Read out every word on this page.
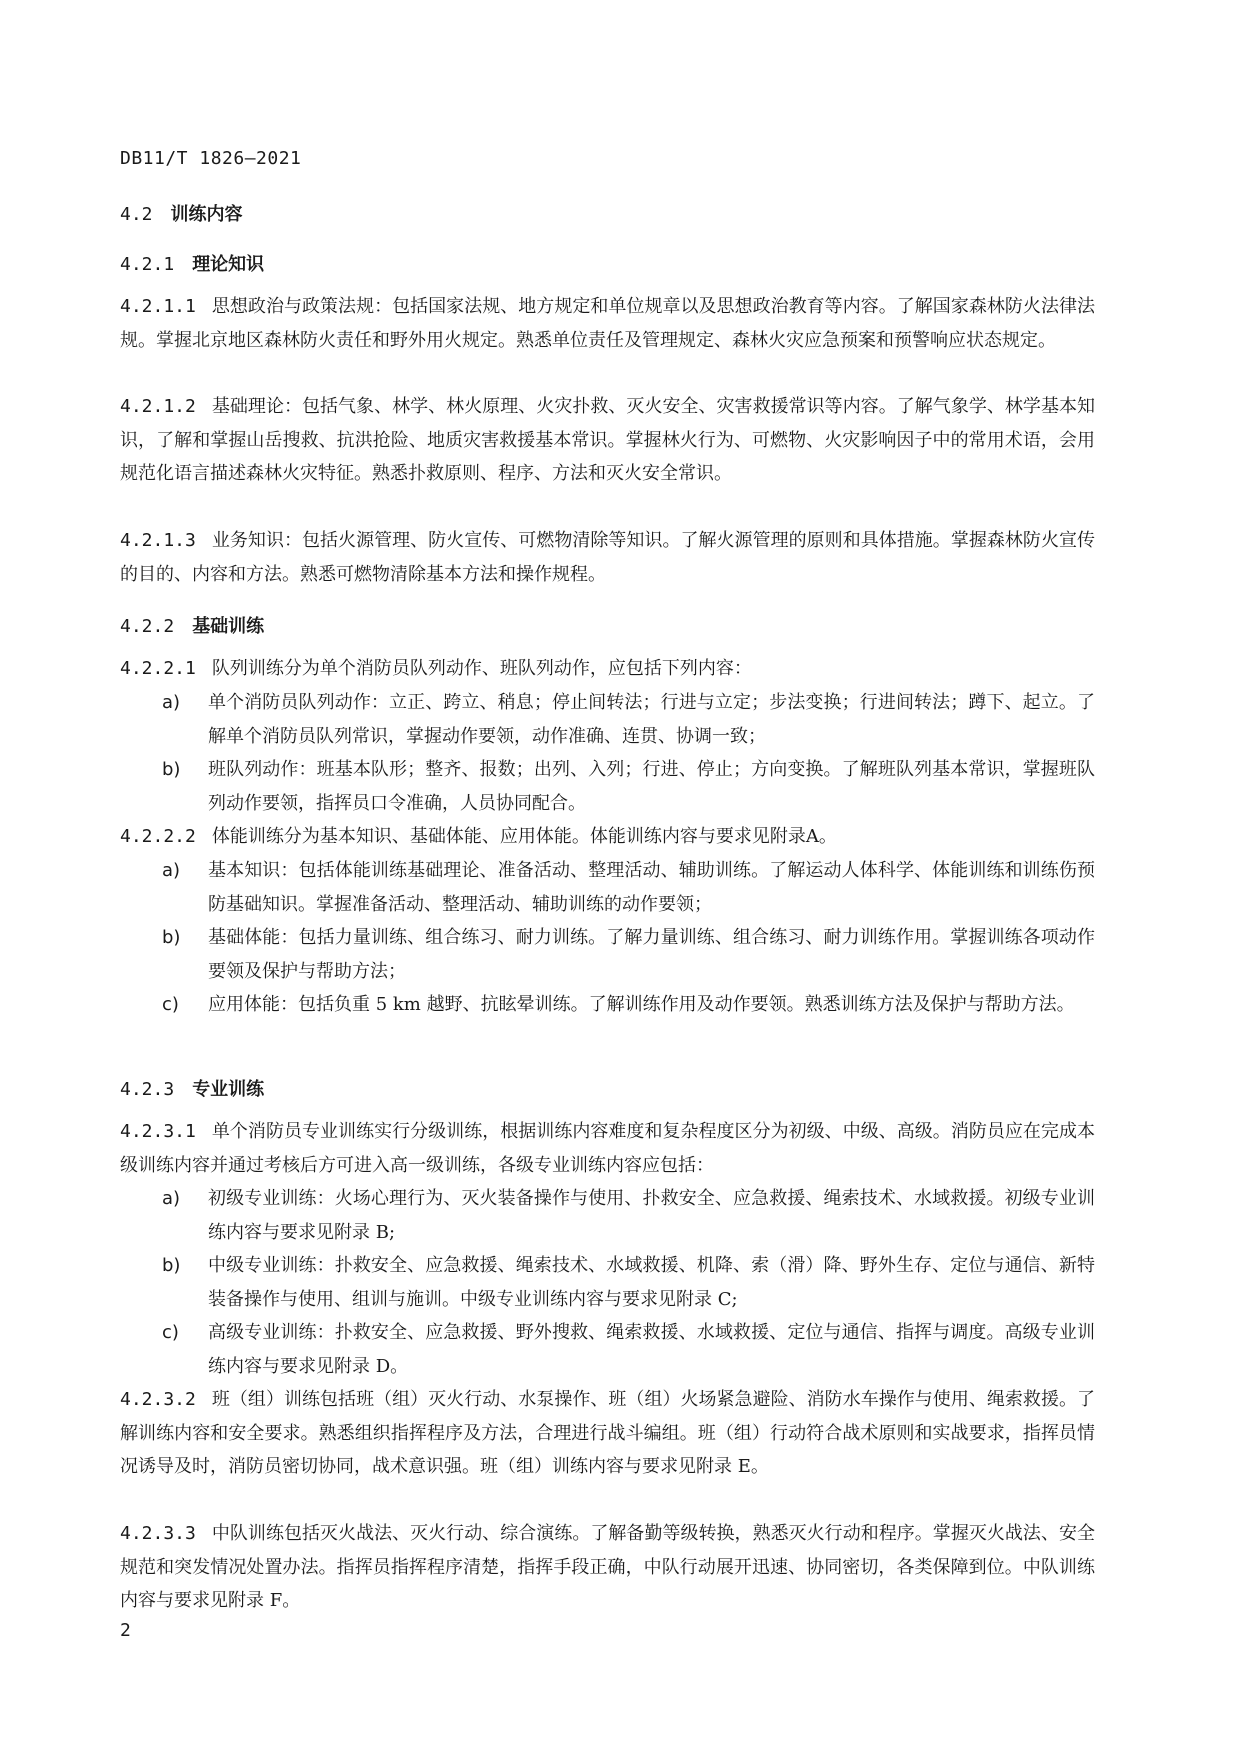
DB11/T 1826—2021
4.2 训练内容
4.2.1 理论知识
4.2.1.1 思想政治与政策法规：包括国家法规、地方规定和单位规章以及思想政治教育等内容。了解国家森林防火法律法规。掌握北京地区森林防火责任和野外用火规定。熟悉单位责任及管理规定、森林火灾应急预案和预警响应状态规定。
4.2.1.2 基础理论：包括气象、林学、林火原理、火灾扑救、灭火安全、灾害救援常识等内容。了解气象学、林学基本知识，了解和掌握山岳搜救、抗洪抢险、地质灾害救援基本常识。掌握林火行为、可燃物、火灾影响因子中的常用术语，会用规范化语言描述森林火灾特征。熟悉扑救原则、程序、方法和灭火安全常识。
4.2.1.3 业务知识：包括火源管理、防火宣传、可燃物清除等知识。了解火源管理的原则和具体措施。掌握森林防火宣传的目的、内容和方法。熟悉可燃物清除基本方法和操作规程。
4.2.2 基础训练
4.2.2.1 队列训练分为单个消防员队列动作、班队列动作，应包括下列内容：
a)	单个消防员队列动作：立正、跨立、稍息；停止间转法；行进与立定；步法变换；行进间转法；蹲下、起立。了解单个消防员队列常识，掌握动作要领，动作准确、连贯、协调一致；
b)	班队列动作：班基本队形；整齐、报数；出列、入列；行进、停止；方向变换。了解班队列基本常识，掌握班队列动作要领，指挥员口令准确，人员协同配合。
4.2.2.2 体能训练分为基本知识、基础体能、应用体能。体能训练内容与要求见附录A。
a)	基本知识：包括体能训练基础理论、准备活动、整理活动、辅助训练。了解运动人体科学、体能训练和训练伤预防基础知识。掌握准备活动、整理活动、辅助训练的动作要领；
b)	基础体能：包括力量训练、组合练习、耐力训练。了解力量训练、组合练习、耐力训练作用。掌握训练各项动作要领及保护与帮助方法；
c)	应用体能：包括负重 5 km 越野、抗眩晕训练。了解训练作用及动作要领。熟悉训练方法及保护与帮助方法。
4.2.3 专业训练
4.2.3.1 单个消防员专业训练实行分级训练，根据训练内容难度和复杂程度区分为初级、中级、高级。消防员应在完成本级训练内容并通过考核后方可进入高一级训练，各级专业训练内容应包括：
a)	初级专业训练：火场心理行为、灭火装备操作与使用、扑救安全、应急救援、绳索技术、水域救援。初级专业训练内容与要求见附录 B;
b)	中级专业训练：扑救安全、应急救援、绳索技术、水域救援、机降、索（滑）降、野外生存、定位与通信、新特装备操作与使用、组训与施训。中级专业训练内容与要求见附录 C;
c)	高级专业训练：扑救安全、应急救援、野外搜救、绳索救援、水域救援、定位与通信、指挥与调度。高级专业训练内容与要求见附录 D。
4.2.3.2 班（组）训练包括班（组）灭火行动、水泵操作、班（组）火场紧急避险、消防水车操作与使用、绳索救援。了解训练内容和安全要求。熟悉组织指挥程序及方法，合理进行战斗编组。班（组）行动符合战术原则和实战要求，指挥员情况诱导及时，消防员密切协同，战术意识强。班（组）训练内容与要求见附录 E。
4.2.3.3 中队训练包括灭火战法、灭火行动、综合演练。了解备勤等级转换，熟悉灭火行动和程序。掌握灭火战法、安全规范和突发情况处置办法。指挥员指挥程序清楚，指挥手段正确，中队行动展开迅速、协同密切，各类保障到位。中队训练内容与要求见附录 F。
2
